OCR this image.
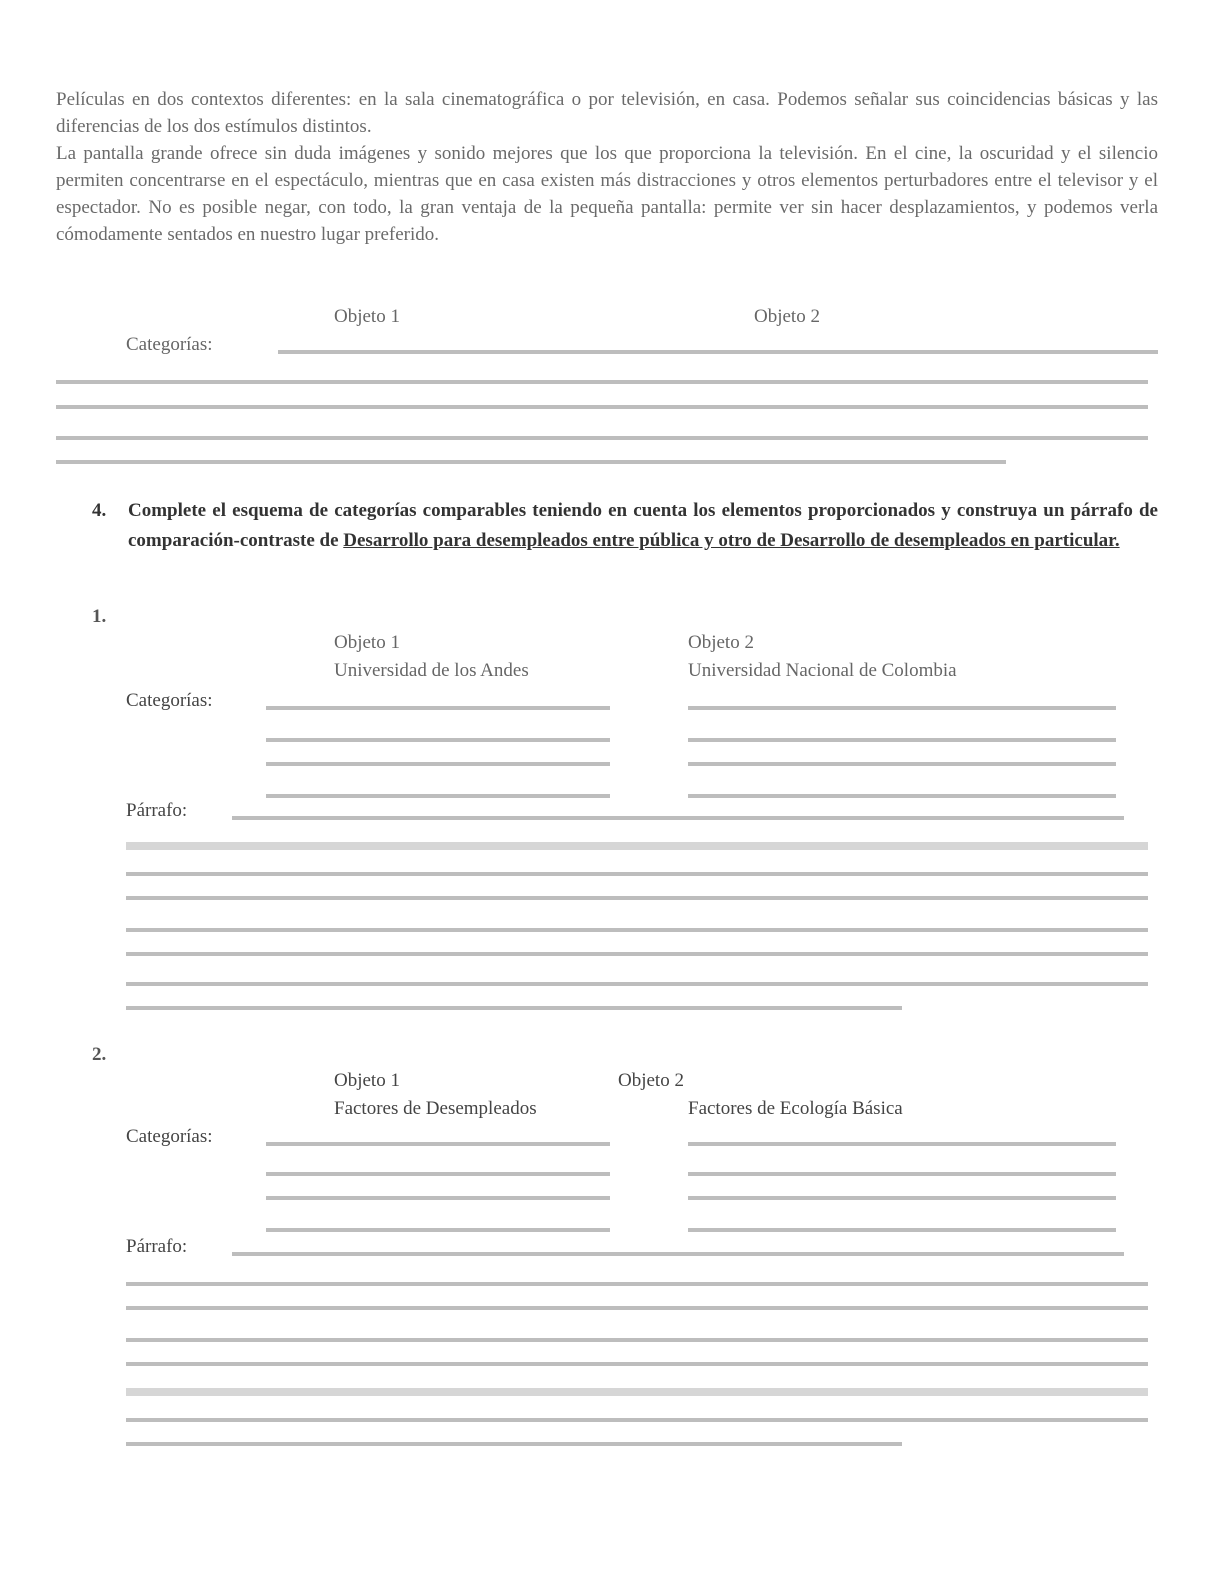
Películas en dos contextos diferentes: en la sala cinematográfica o por televisión, en casa. Podemos señalar sus coincidencias básicas y las diferencias de los dos estímulos distintos.

La pantalla grande ofrece sin duda imágenes y sonido mejores que los que proporciona la televisión. En el cine, la oscuridad y el silencio permiten concentrarse en el espectáculo, mientras que en casa existen más distracciones y otros elementos perturbadores entre el televisor y el espectador. No es posible negar, con todo, la gran ventaja de la pequeña pantalla: permite ver sin hacer desplazamientos, y podemos verla cómodamente sentados en nuestro lugar preferido.

Objeto 1	Objeto 2
Categorías:
4. Complete el esquema de categorías comparables teniendo en cuenta los elementos proporcionados y construya un párrafo de comparación-contraste de Desarrollo para desempleados entre pública y otro de Desarrollo de desempleados en particular.
1.
Objeto 1
Universidad de los Andes
Objeto 2
Universidad Nacional de Colombia
Categorías:
Párrafo:
2.
Objeto 1
Factores de Desempleados
Objeto 2
Factores de Ecología Básica
Categorías:
Párrafo:
